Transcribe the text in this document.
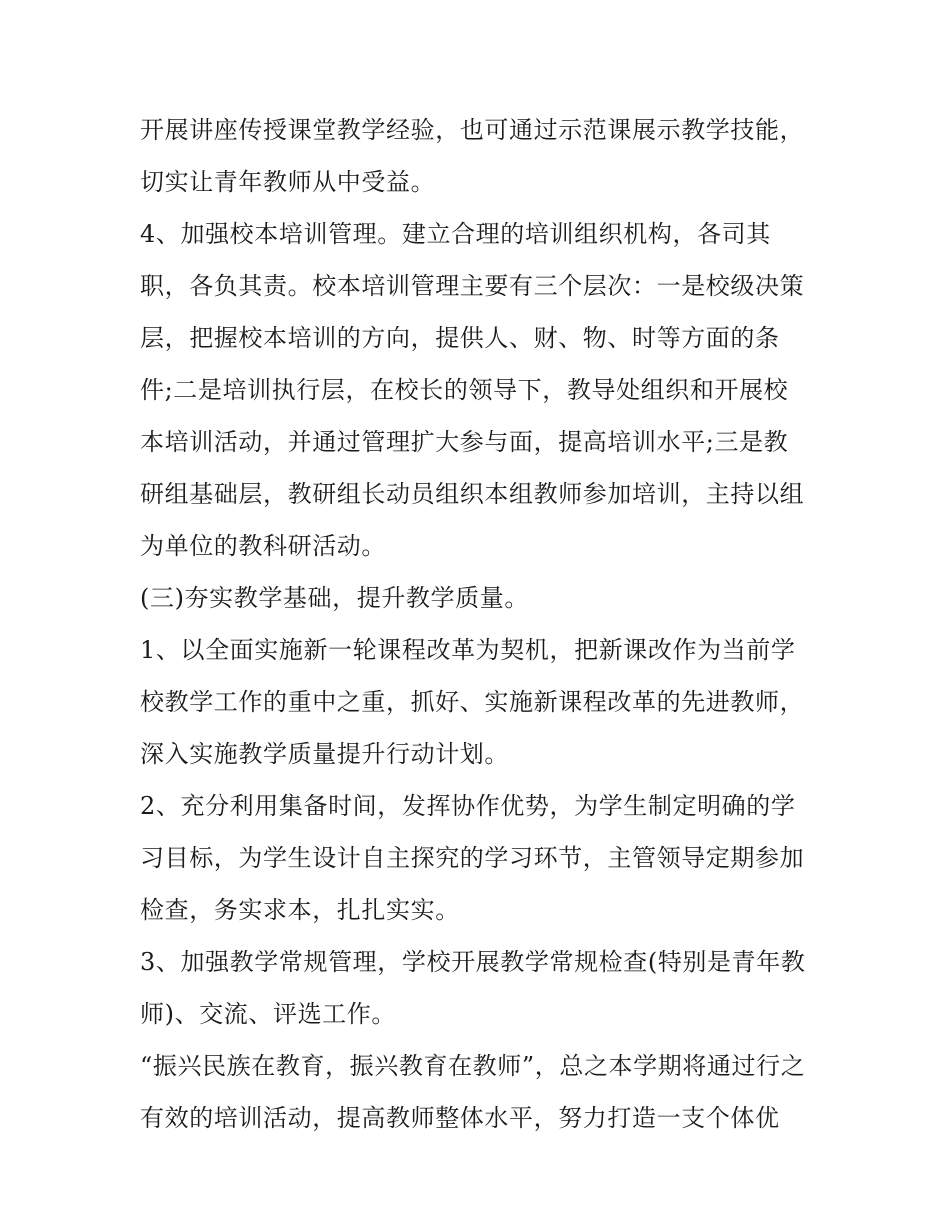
开展讲座传授课堂教学经验，也可通过示范课展示教学技能，
切实让青年教师从中受益。
4、加强校本培训管理。建立合理的培训组织机构，各司其
职，各负其责。校本培训管理主要有三个层次：一是校级决策
层，把握校本培训的方向，提供人、财、物、时等方面的条
件;二是培训执行层，在校长的领导下，教导处组织和开展校
本培训活动，并通过管理扩大参与面，提高培训水平;三是教
研组基础层，教研组长动员组织本组教师参加培训，主持以组
为单位的教科研活动。
(三)夯实教学基础，提升教学质量。
1、以全面实施新一轮课程改革为契机，把新课改作为当前学
校教学工作的重中之重，抓好、实施新课程改革的先进教师，
深入实施教学质量提升行动计划。
2、充分利用集备时间，发挥协作优势，为学生制定明确的学
习目标，为学生设计自主探究的学习环节，主管领导定期参加
检查，务实求本，扎扎实实。
3、加强教学常规管理，学校开展教学常规检查(特别是青年教
师)、交流、评选工作。
“振兴民族在教育，振兴教育在教师”，总之本学期将通过行之
有效的培训活动，提高教师整体水平，努力打造一支个体优
